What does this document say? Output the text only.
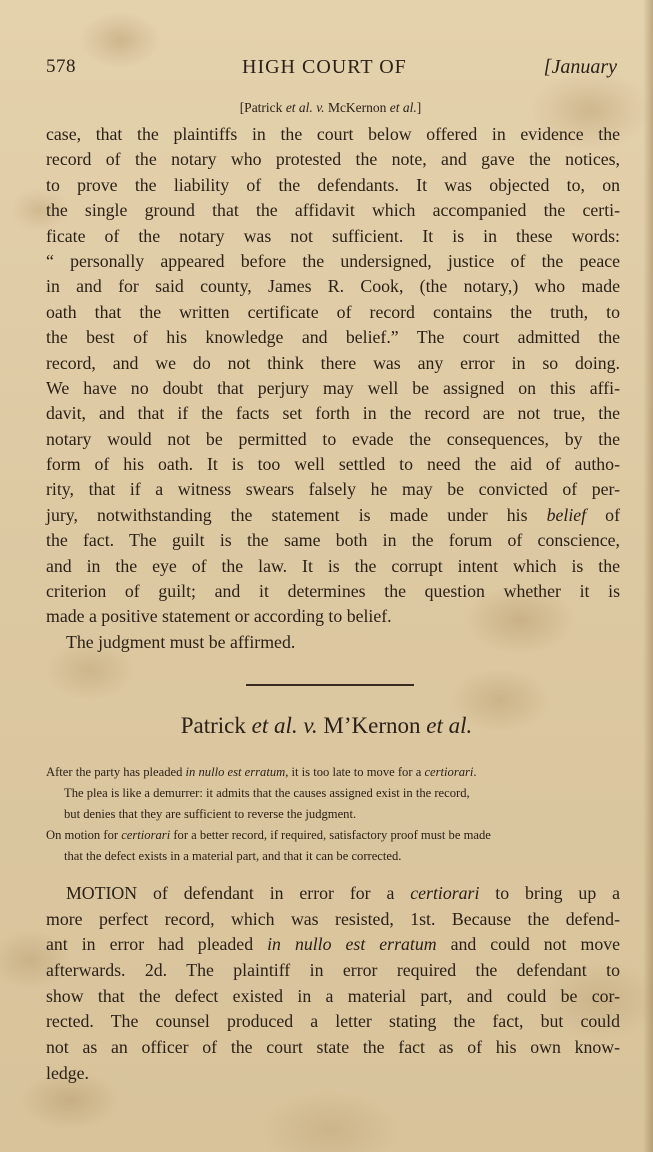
578	HIGH COURT OF	[January
[Patrick et al. v. McKernon et al.]
case, that the plaintiffs in the court below offered in evidence the
record of the notary who protested the note, and gave the notices,
to prove the liability of the defendants. It was objected to, on
the single ground that the affidavit which accompanied the certi-
ficate of the notary was not sufficient. It is in these words:
“ personally appeared before the undersigned, justice of the peace
in and for said county, James R. Cook, (the notary,) who made
oath that the written certificate of record contains the truth, to
the best of his knowledge and belief.” The court admitted the
record, and we do not think there was any error in so doing.
We have no doubt that perjury may well be assigned on this affi-
davit, and that if the facts set forth in the record are not true, the
notary would not be permitted to evade the consequences, by the
form of his oath. It is too well settled to need the aid of autho-
rity, that if a witness swears falsely he may be convicted of per-
jury, notwithstanding the statement is made under his belief of
the fact. The guilt is the same both in the forum of conscience,
and in the eye of the law. It is the corrupt intent which is the
criterion of guilt; and it determines the question whether it is
made a positive statement or according to belief.
The judgment must be affirmed.
Patrick et al. v. M’Kernon et al.
After the party has pleaded in nullo est erratum, it is too late to move for a certiorari.
The plea is like a demurrer: it admits that the causes assigned exist in the record,
but denies that they are sufficient to reverse the judgment.
On motion for certiorari for a better record, if required, satisfactory proof must be made
that the defect exists in a material part, and that it can be corrected.
MOTION of defendant in error for a certiorari to bring up a
more perfect record, which was resisted, 1st. Because the defend-
ant in error had pleaded in nullo est erratum and could not move
afterwards. 2d. The plaintiff in error required the defendant to
show that the defect existed in a material part, and could be cor-
rected. The counsel produced a letter stating the fact, but could
not as an officer of the court state the fact as of his own know-
ledge.
